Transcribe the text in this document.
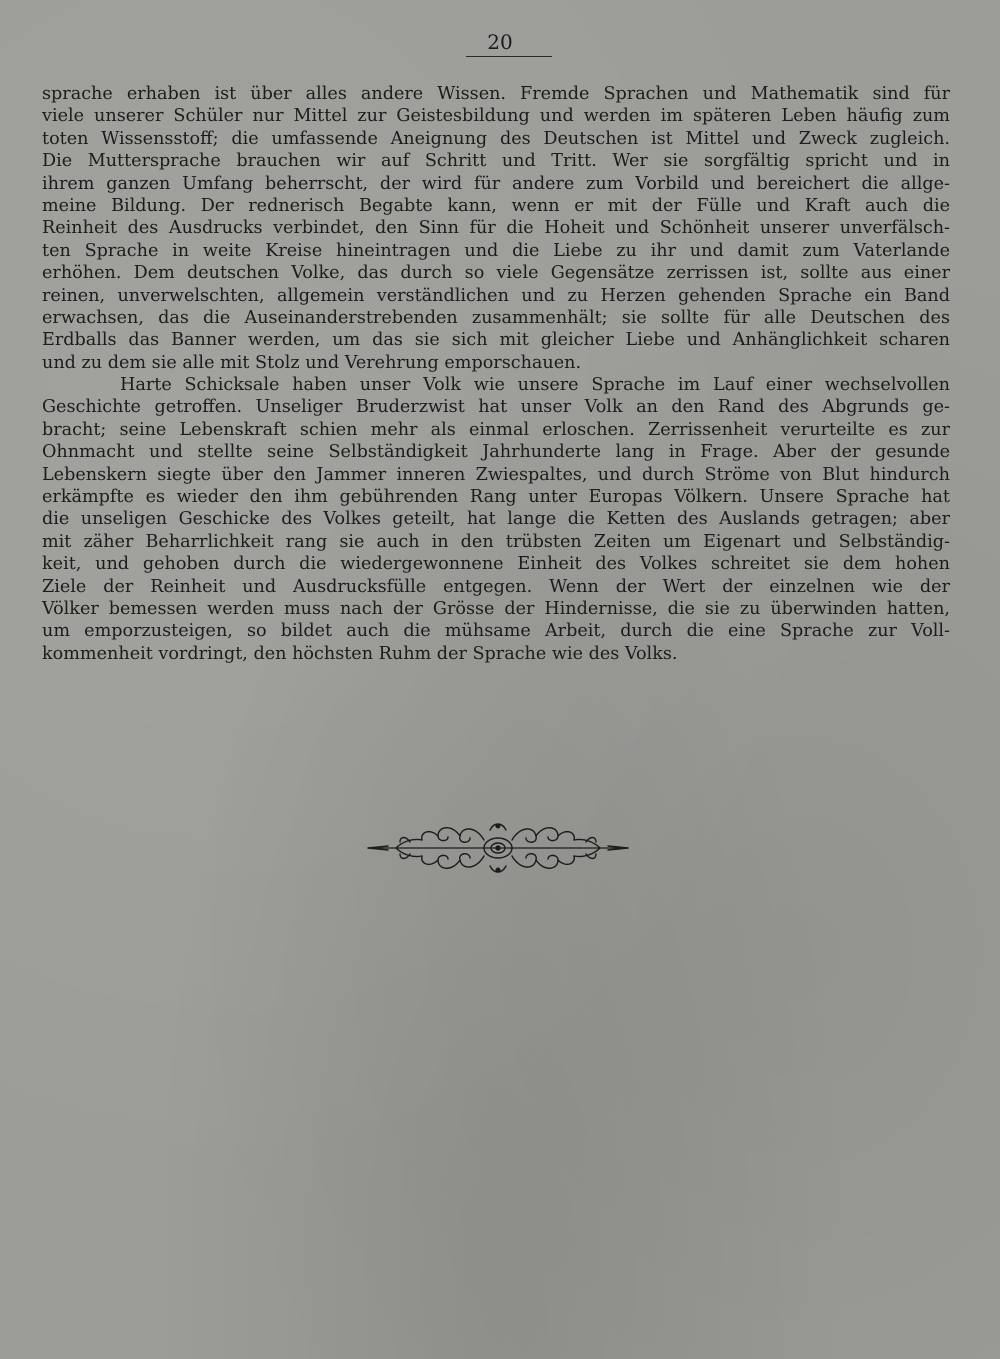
20
sprache erhaben ist über alles andere Wissen. Fremde Sprachen und Mathematik sind für
viele unserer Schüler nur Mittel zur Geistesbildung und werden im späteren Leben häufig zum
toten Wissensstoff; die umfassende Aneignung des Deutschen ist Mittel und Zweck zugleich.
Die Muttersprache brauchen wir auf Schritt und Tritt. Wer sie sorgfältig spricht und in
ihrem ganzen Umfang beherrscht, der wird für andere zum Vorbild und bereichert die allge-
meine Bildung. Der rednerisch Begabte kann, wenn er mit der Fülle und Kraft auch die
Reinheit des Ausdrucks verbindet, den Sinn für die Hoheit und Schönheit unserer unverfälsch-
ten Sprache in weite Kreise hineintragen und die Liebe zu ihr und damit zum Vaterlande
erhöhen. Dem deutschen Volke, das durch so viele Gegensätze zerrissen ist, sollte aus einer
reinen, unverwelschten, allgemein verständlichen und zu Herzen gehenden Sprache ein Band
erwachsen, das die Auseinanderstrebenden zusammenhält; sie sollte für alle Deutschen des
Erdballs das Banner werden, um das sie sich mit gleicher Liebe und Anhänglichkeit scharen
und zu dem sie alle mit Stolz und Verehrung emporschauen.
Harte Schicksale haben unser Volk wie unsere Sprache im Lauf einer wechselvollen
Geschichte getroffen. Unseliger Bruderzwist hat unser Volk an den Rand des Abgrunds ge-
bracht; seine Lebenskraft schien mehr als einmal erloschen. Zerrissenheit verurteilte es zur
Ohnmacht und stellte seine Selbständigkeit Jahrhunderte lang in Frage. Aber der gesunde
Lebenskern siegte über den Jammer inneren Zwiespaltes, und durch Ströme von Blut hindurch
erkämpfte es wieder den ihm gebührenden Rang unter Europas Völkern. Unsere Sprache hat
die unseligen Geschicke des Volkes geteilt, hat lange die Ketten des Auslands getragen; aber
mit zäher Beharrlichkeit rang sie auch in den trübsten Zeiten um Eigenart und Selbständig-
keit, und gehoben durch die wiedergewonnene Einheit des Volkes schreitet sie dem hohen
Ziele der Reinheit und Ausdrucksfülle entgegen. Wenn der Wert der einzelnen wie der
Völker bemessen werden muss nach der Grösse der Hindernisse, die sie zu überwinden hatten,
um emporzusteigen, so bildet auch die mühsame Arbeit, durch die eine Sprache zur Voll-
kommenheit vordringt, den höchsten Ruhm der Sprache wie des Volks.
